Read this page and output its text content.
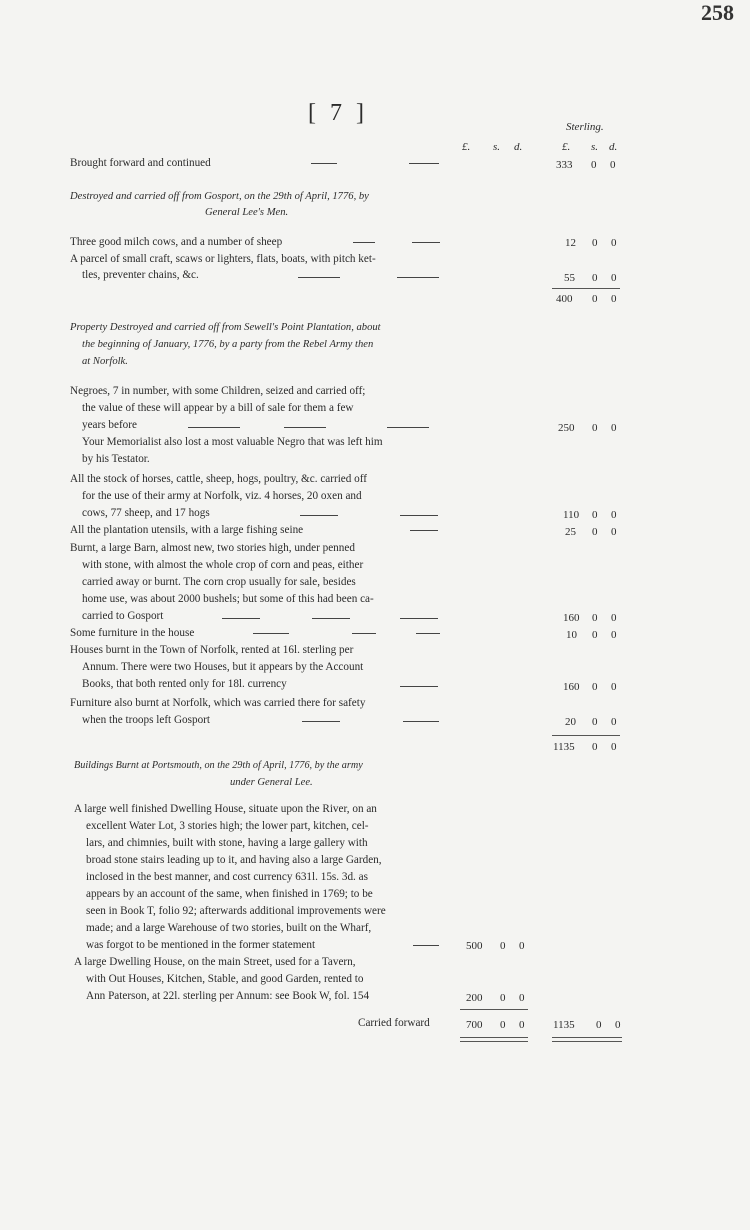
258
[ 7 ]
Sterling.
£. s. d.	£. s. d.
Brought forward and continued	333 0 0
Destroyed and carried off from Gosport, on the 29th of April, 1776, by
General Lee's Men.
Three good milch cows, and a number of sheep	12 0 0
A parcel of small craft, scaws or lighters, flats, boats, with pitch ket-
tles, preventer chains, &c.	55 0 0
400 0 0
Property Destroyed and carried off from Sewell's Point Plantation, about
the beginning of January, 1776, by a party from the Rebel Army then
at Norfolk.
Negroes, 7 in number, with some Children, seized and carried off;
the value of these will appear by a bill of sale for them a few
years before
Your Memorialist also lost a most valuable Negro that was left him
by his Testator.
250 0 0
All the stock of horses, cattle, sheep, hogs, poultry, &c. carried off
for the use of their army at Norfolk, viz. 4 horses, 20 oxen and
cows, 77 sheep, and 17 hogs	110 0 0
All the plantation utensils, with a large fishing seine	25 0 0
Burnt, a large Barn, almost new, two stories high, under penned
with stone, with almost the whole crop of corn and peas, either
carried away or burnt. The corn crop usually for sale, besides
home use, was about 2000 bushels; but some of this had been ca-
carried to Gosport	160 0 0
Some furniture in the house	10 0 0
Houses burnt in the Town of Norfolk, rented at 16l. sterling per
Annum. There were two Houses, but it appears by the Account
Books, that both rented only for 18l. currency	160 0 0
Furniture also burnt at Norfolk, which was carried there for safety
when the troops left Gosport	20 0 0
1135 0 0
Buildings Burnt at Portsmouth, on the 29th of April, 1776, by the army
under General Lee.
A large well finished Dwelling House, situate upon the River, on an
excellent Water Lot, 3 stories high; the lower part, kitchen, cel-
lars, and chimnies, built with stone, having a large gallery with
broad stone stairs leading up to it, and having also a large Garden,
inclosed in the best manner, and cost currency 631l. 15s. 3d. as
appears by an account of the same, when finished in 1769; to be
seen in Book T, folio 92; afterwards additional improvements were
made; and a large Warehouse of two stories, built on the Wharf,
was forgot to be mentioned in the former statement	500 0 0
A large Dwelling House, on the main Street, used for a Tavern,
with Out Houses, Kitchen, Stable, and good Garden, rented to
Ann Paterson, at 22l. sterling per Annum: see Book W, fol. 154	200 0 0
Carried forward	700 0 0	1135 0 0
